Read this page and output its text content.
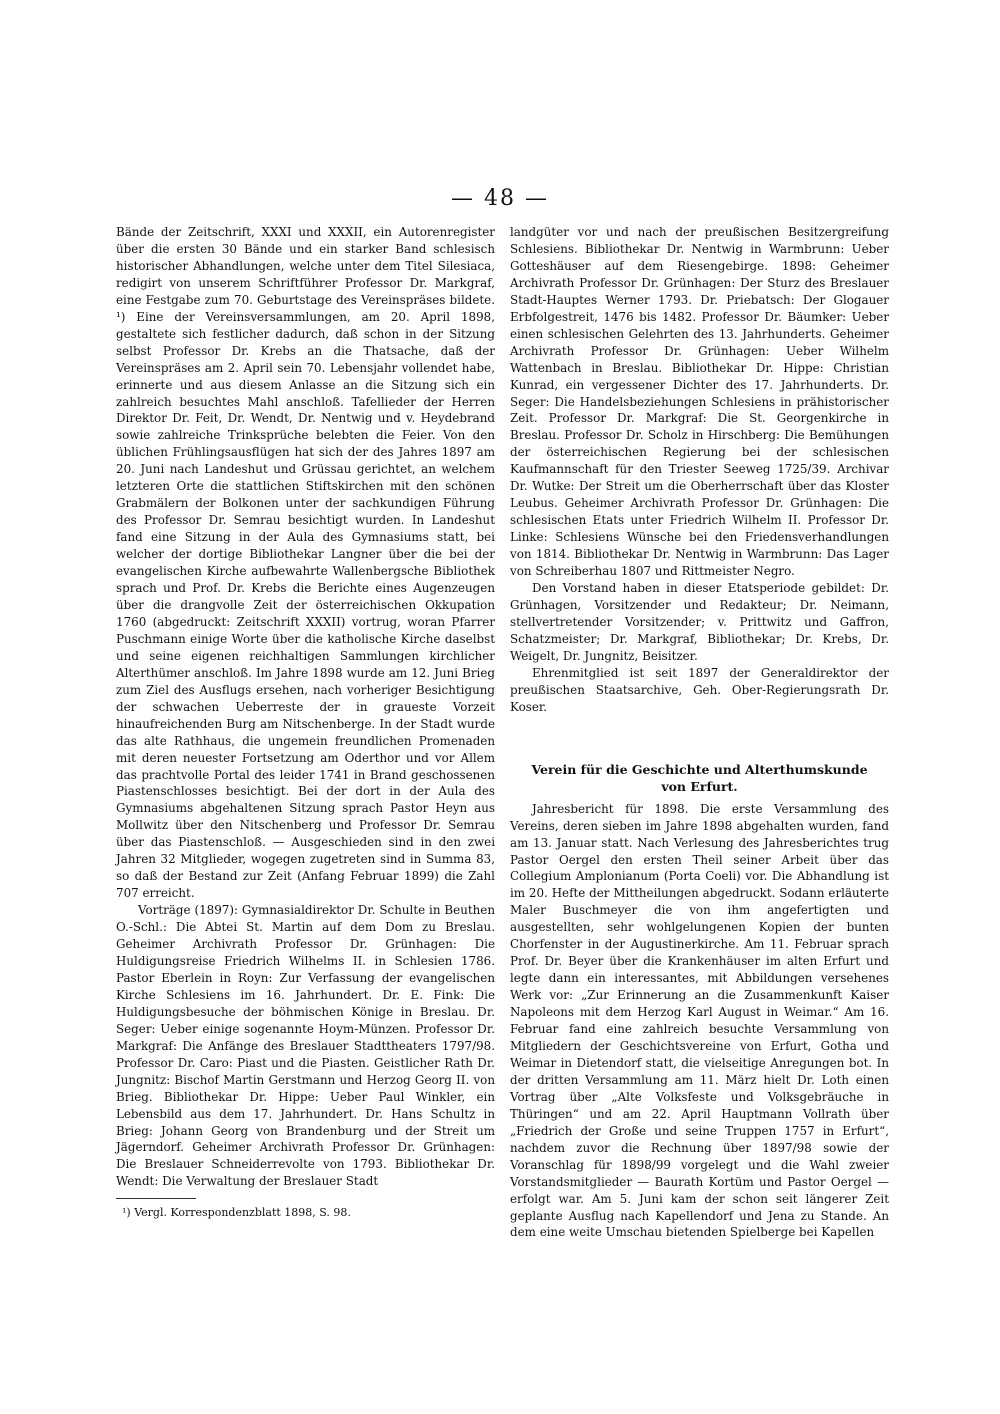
— 48 —

Bände der Zeitschrift, XXXI und XXXII, ein Autorenregister über die ersten 30 Bände und ein starker Band schlesisch historischer Abhandlungen, welche unter dem Titel Silesiaca, redigirt von unserem Schriftführer Professor Dr. Markgraf, eine Festgabe zum 70. Geburtstage des Vereinspräses bildete. ¹) Eine der Vereinsversammlungen, am 20. April 1898, gestaltete sich festlicher dadurch, daß schon in der Sitzung selbst Professor Dr. Krebs an die Thatsache, daß der Vereinspräses am 2. April sein 70. Lebensjahr vollendet habe, erinnerte und aus diesem Anlasse an die Sitzung sich ein zahlreich besuchtes Mahl anschloß. Tafellieder der Herren Direktor Dr. Feit, Dr. Wendt, Dr. Nentwig und v. Heydebrand sowie zahlreiche Trinksprüche belebten die Feier. Von den üblichen Frühlingsausflügen hat sich der des Jahres 1897 am 20. Juni nach Landeshut und Grüssau gerichtet, an welchem letzteren Orte die stattlichen Stiftskirchen mit den schönen Grabmälern der Bolkonen unter der sachkundigen Führung des Professor Dr. Semrau besichtigt wurden. In Landeshut fand eine Sitzung in der Aula des Gymnasiums statt, bei welcher der dortige Bibliothekar Langner über die bei der evangelischen Kirche aufbewahrte Wallenbergsche Bibliothek sprach und Prof. Dr. Krebs die Berichte eines Augenzeugen über die drangvolle Zeit der österreichischen Okkupation 1760 (abgedruckt: Zeitschrift XXXII) vortrug, woran Pfarrer Puschmann einige Worte über die katholische Kirche daselbst und seine eigenen reichhaltigen Sammlungen kirchlicher Alterthümer anschloß. Im Jahre 1898 wurde am 12. Juni Brieg zum Ziel des Ausflugs ersehen, nach vorheriger Besichtigung der schwachen Ueberreste der in graueste Vorzeit hinaufreichenden Burg am Nitschenberge. In der Stadt wurde das alte Rathhaus, die ungemein freundlichen Promenaden mit deren neuester Fortsetzung am Oderthor und vor Allem das prachtvolle Portal des leider 1741 in Brand geschossenen Piastenschlosses besichtigt. Bei der dort in der Aula des Gymnasiums abgehaltenen Sitzung sprach Pastor Heyn aus Mollwitz über den Nitschenberg und Professor Dr. Semrau über das Piastenschloß. — Ausgeschieden sind in den zwei Jahren 32 Mitglieder, wogegen zugetreten sind in Summa 83, so daß der Bestand zur Zeit (Anfang Februar 1899) die Zahl 707 erreicht.

Vorträge (1897): Gymnasialdirektor Dr. Schulte in Beuthen O.-Schl.: Die Abtei St. Martin auf dem Dom zu Breslau. Geheimer Archivrath Professor Dr. Grünhagen: Die Huldigungsreise Friedrich Wilhelms II. in Schlesien 1786. Pastor Eberlein in Royn: Zur Verfassung der evangelischen Kirche Schlesiens im 16. Jahrhundert. Dr. E. Fink: Die Huldigungsbesuche der böhmischen Könige in Breslau. Dr. Seger: Ueber einige sogenannte Hoym-Münzen. Professor Dr. Markgraf: Die Anfänge des Breslauer Stadttheaters 1797/98. Professor Dr. Caro: Piast und die Piasten. Geistlicher Rath Dr. Jungnitz: Bischof Martin Gerstmann und Herzog Georg II. von Brieg. Bibliothekar Dr. Hippe: Ueber Paul Winkler, ein Lebensbild aus dem 17. Jahrhundert. Dr. Hans Schultz in Brieg: Johann Georg von Brandenburg und der Streit um Jägerndorf. Geheimer Archivrath Professor Dr. Grünhagen: Die Breslauer Schneiderrevolte von 1793. Bibliothekar Dr. Wendt: Die Verwaltung der Breslauer Stadt

¹) Vergl. Korrespondenzblatt 1898, S. 98.

landgüter vor und nach der preußischen Besitzergreifung Schlesiens. Bibliothekar Dr. Nentwig in Warmbrunn: Ueber Gotteshäuser auf dem Riesengebirge. 1898: Geheimer Archivrath Professor Dr. Grünhagen: Der Sturz des Breslauer Stadt-Hauptes Werner 1793. Dr. Priebatsch: Der Glogauer Erbfolgestreit, 1476 bis 1482. Professor Dr. Bäumker: Ueber einen schlesischen Gelehrten des 13. Jahrhunderts. Geheimer Archivrath Professor Dr. Grünhagen: Ueber Wilhelm Wattenbach in Breslau. Bibliothekar Dr. Hippe: Christian Kunrad, ein vergessener Dichter des 17. Jahrhunderts. Dr. Seger: Die Handelsbeziehungen Schlesiens in prähistorischer Zeit. Professor Dr. Markgraf: Die St. Georgenkirche in Breslau. Professor Dr. Scholz in Hirschberg: Die Bemühungen der österreichischen Regierung bei der schlesischen Kaufmannschaft für den Triester Seeweg 1725/39. Archivar Dr. Wutke: Der Streit um die Oberherrschaft über das Kloster Leubus. Geheimer Archivrath Professor Dr. Grünhagen: Die schlesischen Etats unter Friedrich Wilhelm II. Professor Dr. Linke: Schlesiens Wünsche bei den Friedensverhandlungen von 1814. Bibliothekar Dr. Nentwig in Warmbrunn: Das Lager von Schreiberhau 1807 und Rittmeister Negro.

Den Vorstand haben in dieser Etatsperiode gebildet: Dr. Grünhagen, Vorsitzender und Redakteur; Dr. Neimann, stellvertretender Vorsitzender; v. Prittwitz und Gaffron, Schatzmeister; Dr. Markgraf, Bibliothekar; Dr. Krebs, Dr. Weigelt, Dr. Jungnitz, Beisitzer.

Ehrenmitglied ist seit 1897 der Generaldirektor der preußischen Staatsarchive, Geh. Ober-Regierungsrath Dr. Koser.

Verein für die Geschichte und Alterthumskunde
von Erfurt.

Jahresbericht für 1898. Die erste Versammlung des Vereins, deren sieben im Jahre 1898 abgehalten wurden, fand am 13. Januar statt. Nach Verlesung des Jahresberichtes trug Pastor Oergel den ersten Theil seiner Arbeit über das Collegium Amplonianum (Porta Coeli) vor. Die Abhandlung ist im 20. Hefte der Mittheilungen abgedruckt. Sodann erläuterte Maler Buschmeyer die von ihm angefertigten und ausgestellten, sehr wohlgelungenen Kopien der bunten Chorfenster in der Augustinerkirche. Am 11. Februar sprach Prof. Dr. Beyer über die Krankenhäuser im alten Erfurt und legte dann ein interessantes, mit Abbildungen versehenes Werk vor: „Zur Erinnerung an die Zusammenkunft Kaiser Napoleons mit dem Herzog Karl August in Weimar.“ Am 16. Februar fand eine zahlreich besuchte Versammlung von Mitgliedern der Geschichtsvereine von Erfurt, Gotha und Weimar in Dietendorf statt, die vielseitige Anregungen bot. In der dritten Versammlung am 11. März hielt Dr. Loth einen Vortrag über „Alte Volksfeste und Volksgebräuche in Thüringen“ und am 22. April Hauptmann Vollrath über „Friedrich der Große und seine Truppen 1757 in Erfurt“, nachdem zuvor die Rechnung über 1897/98 sowie der Voranschlag für 1898/99 vorgelegt und die Wahl zweier Vorstandsmitglieder — Baurath Kortüm und Pastor Oergel — erfolgt war. Am 5. Juni kam der schon seit längerer Zeit geplante Ausflug nach Kapellendorf und Jena zu Stande. An dem eine weite Umschau bietenden Spielberge bei Kapellen
